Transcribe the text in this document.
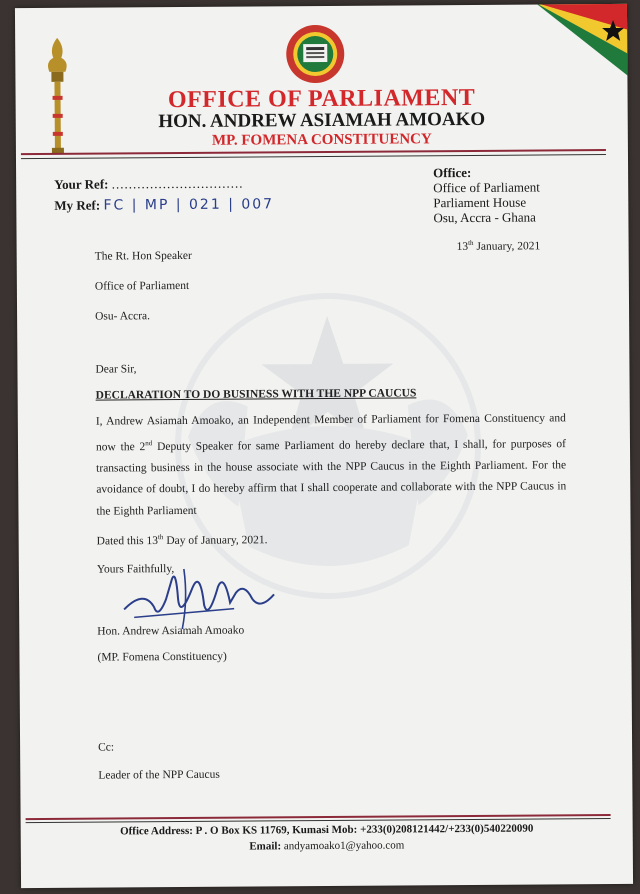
OFFICE OF PARLIAMENT
HON. ANDREW ASIAMAH AMOAKO
MP. FOMENA CONSTITUENCY
Your Ref: ...............................
My Ref: FC | MP | 021 | 007
Office:
Office of Parliament
Parliament House
Osu, Accra - Ghana
The Rt. Hon Speaker
Office of Parliament
Osu- Accra.
13th January, 2021
Dear Sir,
DECLARATION TO DO BUSINESS WITH THE NPP CAUCUS
I, Andrew Asiamah Amoako, an Independent Member of Parliament for Fomena Constituency and now the 2nd Deputy Speaker for same Parliament do hereby declare that, I shall, for purposes of transacting business in the house associate with the NPP Caucus in the Eighth Parliament. For the avoidance of doubt, I do hereby affirm that I shall cooperate and collaborate with the NPP Caucus in the Eighth Parliament
Dated this 13th Day of January, 2021.
Yours Faithfully,
Hon. Andrew Asiamah Amoako
(MP. Fomena Constituency)
Cc:
Leader of the NPP Caucus
Office Address: P . O Box KS 11769, Kumasi Mob: +233(0)208121442/+233(0)540220090
Email: andyamoako1@yahoo.com
